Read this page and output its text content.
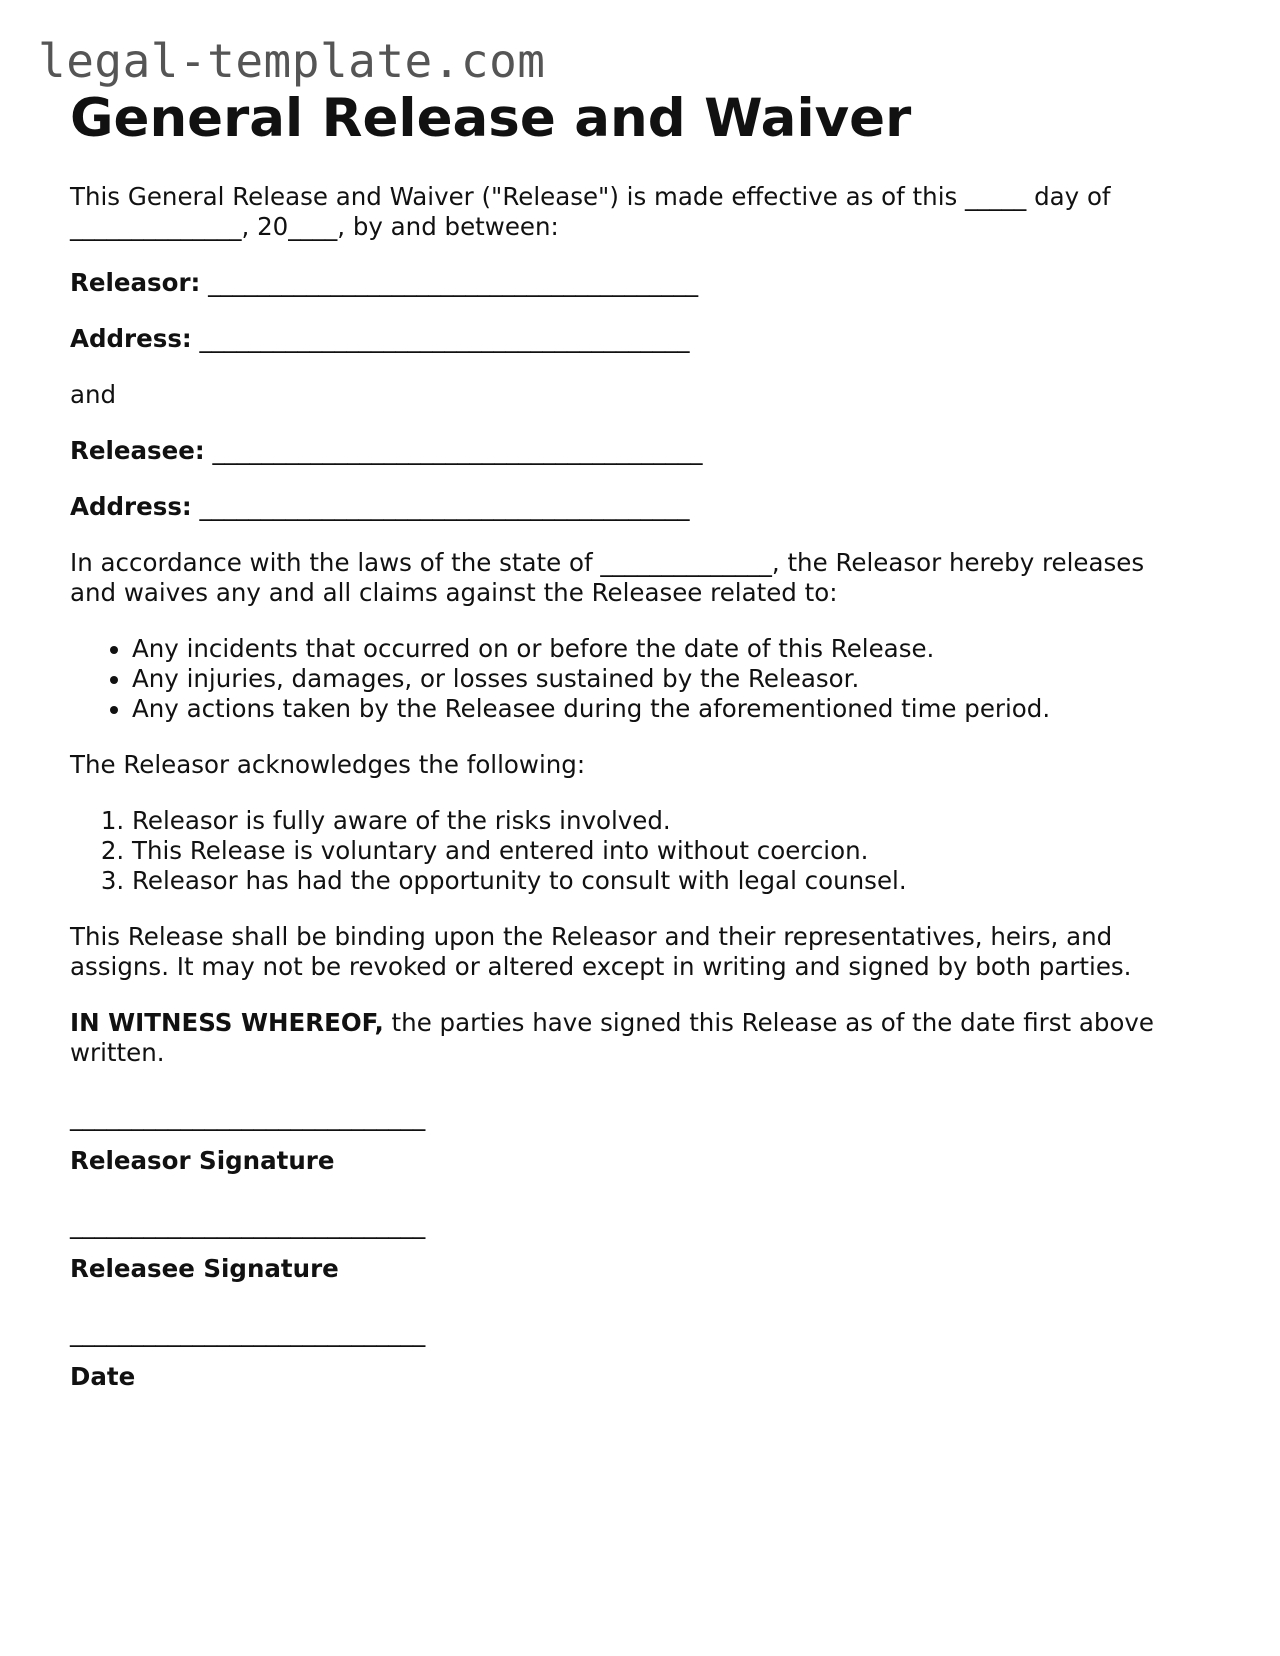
legal-template.com
General Release and Waiver

This General Release and Waiver ("Release") is made effective as of this _____ day of ______________, 20____, by and between:

Releasor: ________________________________________

Address: ________________________________________

and

Releasee: ________________________________________

Address: ________________________________________

In accordance with the laws of the state of ______________, the Releasor hereby releases and waives any and all claims against the Releasee related to:

• Any incidents that occurred on or before the date of this Release.
• Any injuries, damages, or losses sustained by the Releasor.
• Any actions taken by the Releasee during the aforementioned time period.

The Releasor acknowledges the following:

1. Releasor is fully aware of the risks involved.
2. This Release is voluntary and entered into without coercion.
3. Releasor has had the opportunity to consult with legal counsel.

This Release shall be binding upon the Releasor and their representatives, heirs, and assigns. It may not be revoked or altered except in writing and signed by both parties.

IN WITNESS WHEREOF, the parties have signed this Release as of the date first above written.

_____________________________
Releasor Signature
_____________________________
Releasee Signature
_____________________________
Date
